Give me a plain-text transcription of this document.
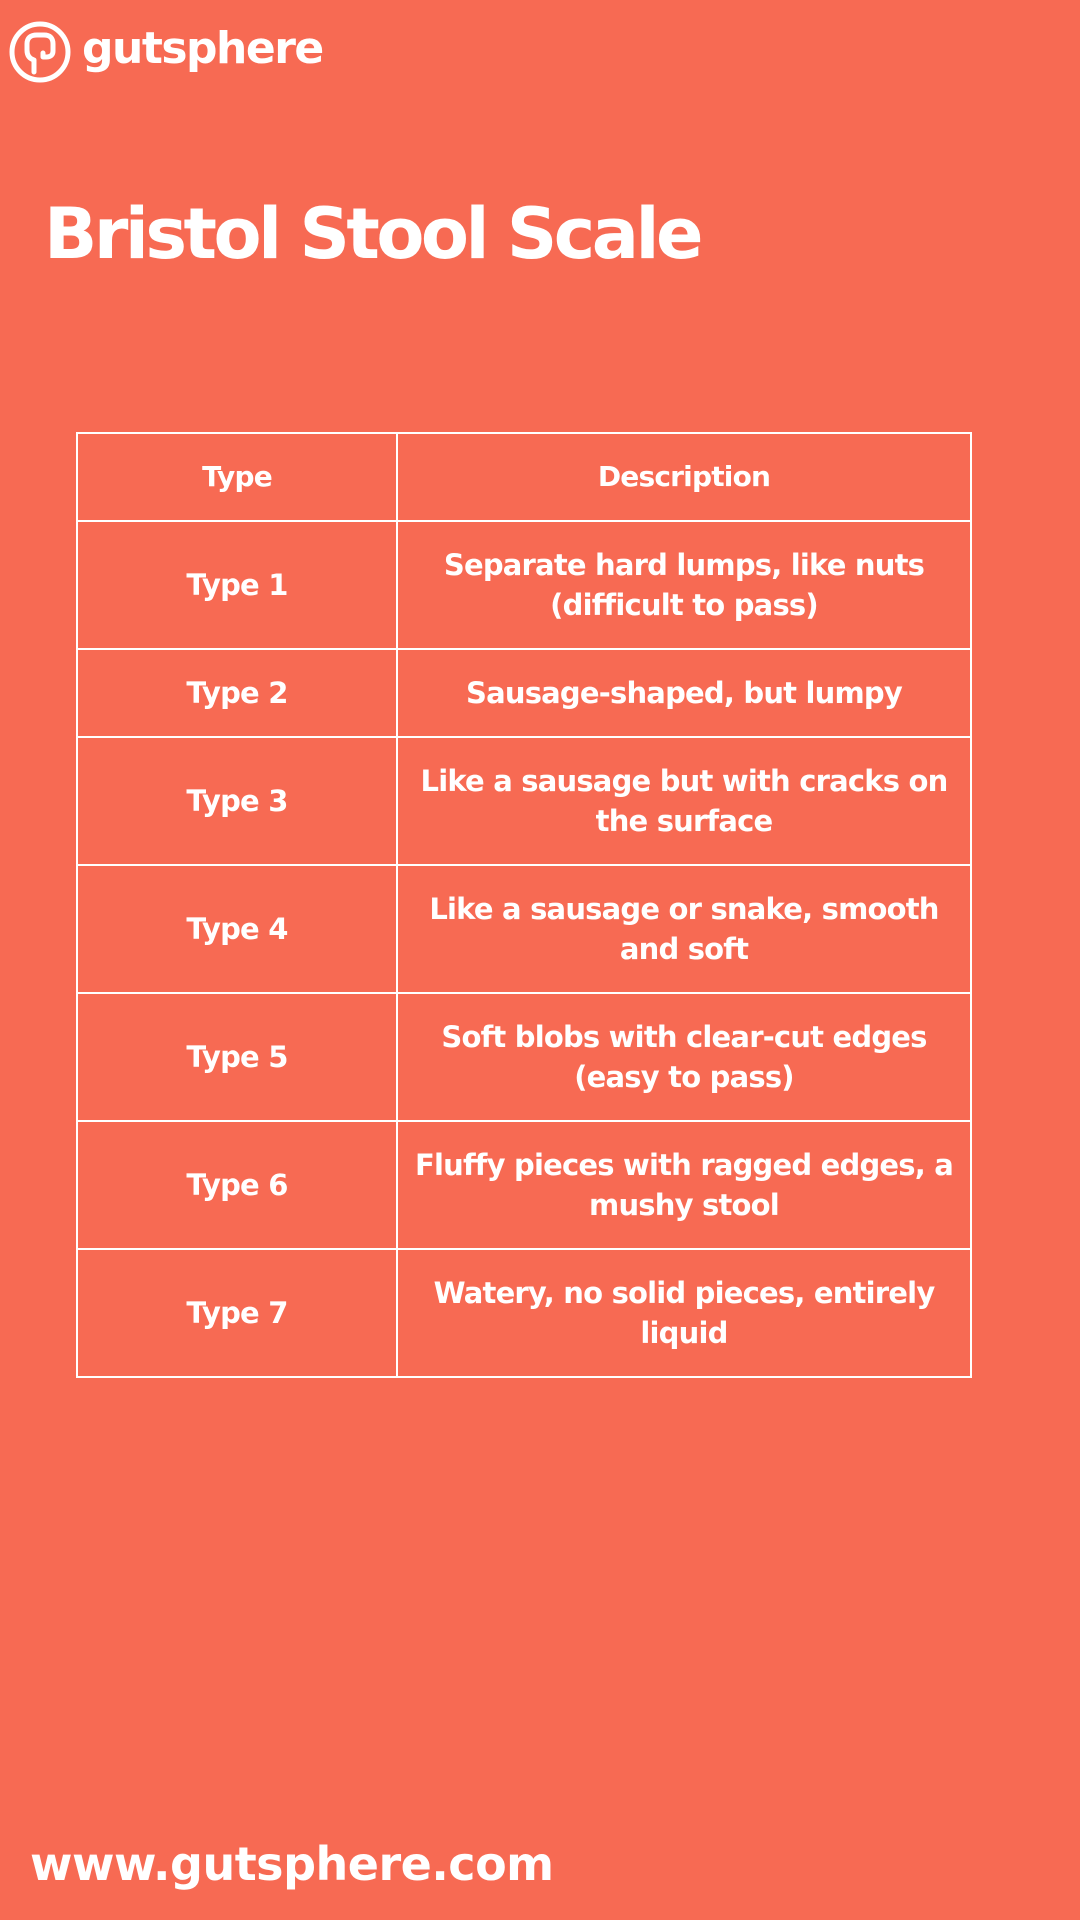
gutsphere
Bristol Stool Scale
Type	Description
Type 1	Separate hard lumps, like nuts (difficult to pass)
Type 2	Sausage-shaped, but lumpy
Type 3	Like a sausage but with cracks on the surface
Type 4	Like a sausage or snake, smooth and soft
Type 5	Soft blobs with clear-cut edges (easy to pass)
Type 6	Fluffy pieces with ragged edges, a mushy stool
Type 7	Watery, no solid pieces, entirely liquid
www.gutsphere.com
